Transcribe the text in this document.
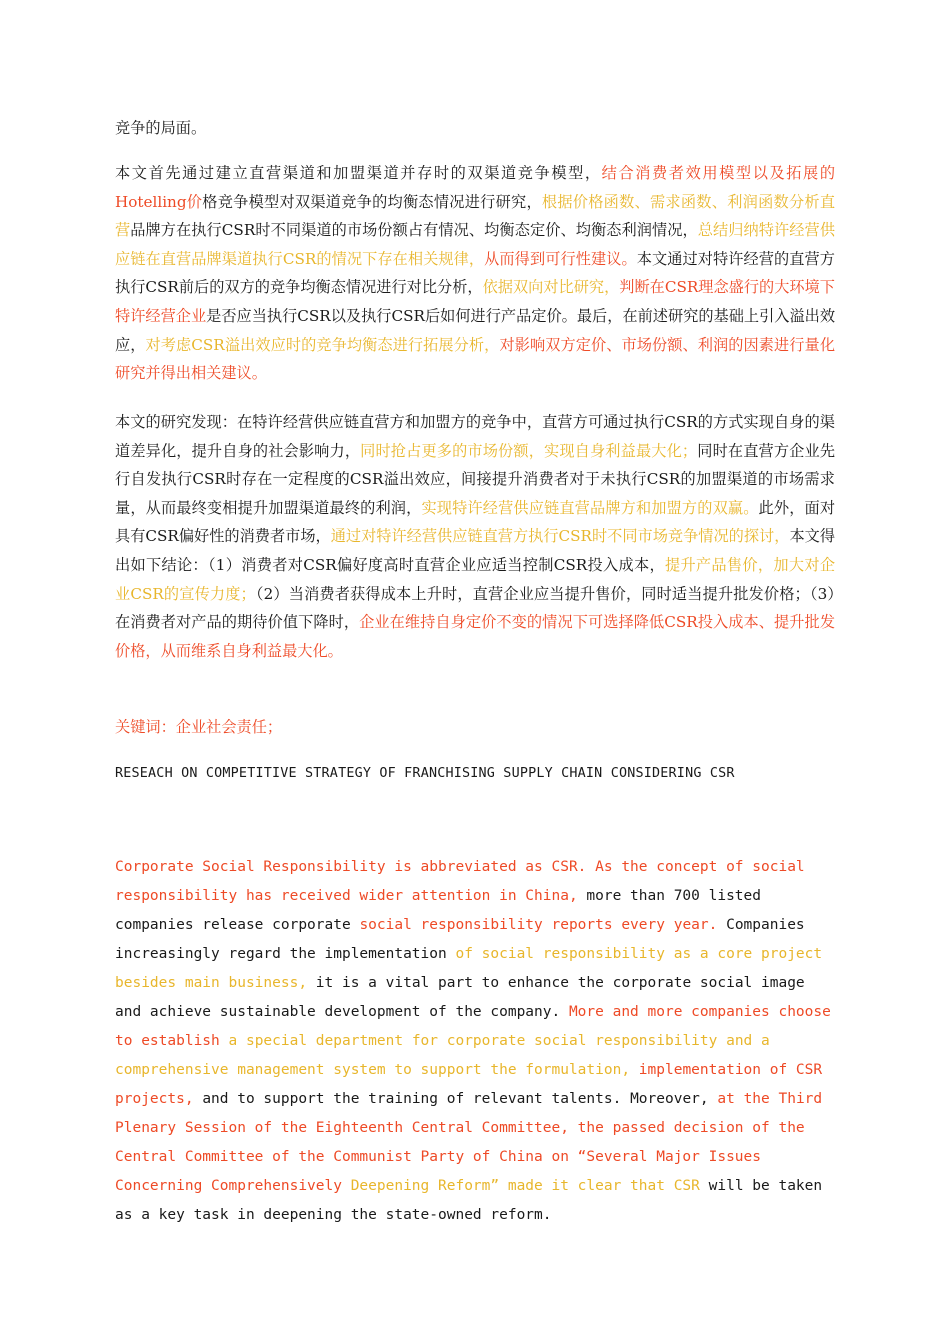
竞争的局面。

本文首先通过建立直营渠道和加盟渠道并存时的双渠道竞争模型，结合消费者效用模型以及拓展的Hotelling价格竞争模型对双渠道竞争的均衡态情况进行研究，根据价格函数、需求函数、利润函数分析直营品牌方在执行CSR时不同渠道的市场份额占有情况、均衡态定价、均衡态利润情况，总结归纳特许经营供应链在直营品牌渠道执行CSR的情况下存在相关规律，从而得到可行性建议。本文通过对特许经营的直营方执行CSR前后的双方的竞争均衡态情况进行对比分析，依据双向对比研究，判断在CSR理念盛行的大环境下特许经营企业是否应当执行CSR以及执行CSR后如何进行产品定价。最后，在前述研究的基础上引入溢出效应，对考虑CSR溢出效应时的竞争均衡态进行拓展分析，对影响双方定价、市场份额、利润的因素进行量化研究并得出相关建议。

本文的研究发现：在特许经营供应链直营方和加盟方的竞争中，直营方可通过执行CSR的方式实现自身的渠道差异化，提升自身的社会影响力，同时抢占更多的市场份额，实现自身利益最大化；同时在直营方企业先行自发执行CSR时存在一定程度的CSR溢出效应，间接提升消费者对于未执行CSR的加盟渠道的市场需求量，从而最终变相提升加盟渠道最终的利润，实现特许经营供应链直营品牌方和加盟方的双赢。此外，面对具有CSR偏好性的消费者市场，通过对特许经营供应链直营方执行CSR时不同市场竞争情况的探讨，本文得出如下结论：（1）消费者对CSR偏好度高时直营企业应适当控制CSR投入成本，提升产品售价，加大对企业CSR的宣传力度；（2）当消费者获得成本上升时，直营企业应当提升售价，同时适当提升批发价格；（3）在消费者对产品的期待价值下降时，企业在维持自身定价不变的情况下可选择降低CSR投入成本、提升批发价格，从而维系自身利益最大化。

关键词：企业社会责任；

RESEACH ON COMPETITIVE STRATEGY OF FRANCHISING SUPPLY CHAIN CONSIDERING CSR

Corporate Social Responsibility is abbreviated as CSR. As the concept of social responsibility has received wider attention in China, more than 700 listed companies release corporate social responsibility reports every year. Companies increasingly regard the implementation of social responsibility as a core project besides main business, it is a vital part to enhance the corporate social image and achieve sustainable development of the company. More and more companies choose to establish a special department for corporate social responsibility and a comprehensive management system to support the formulation, implementation of CSR projects, and to support the training of relevant talents. Moreover, at the Third Plenary Session of the Eighteenth Central Committee, the passed decision of the Central Committee of the Communist Party of China on “Several Major Issues Concerning Comprehensively Deepening Reform” made it clear that CSR will be taken as a key task in deepening the state-owned reform.
